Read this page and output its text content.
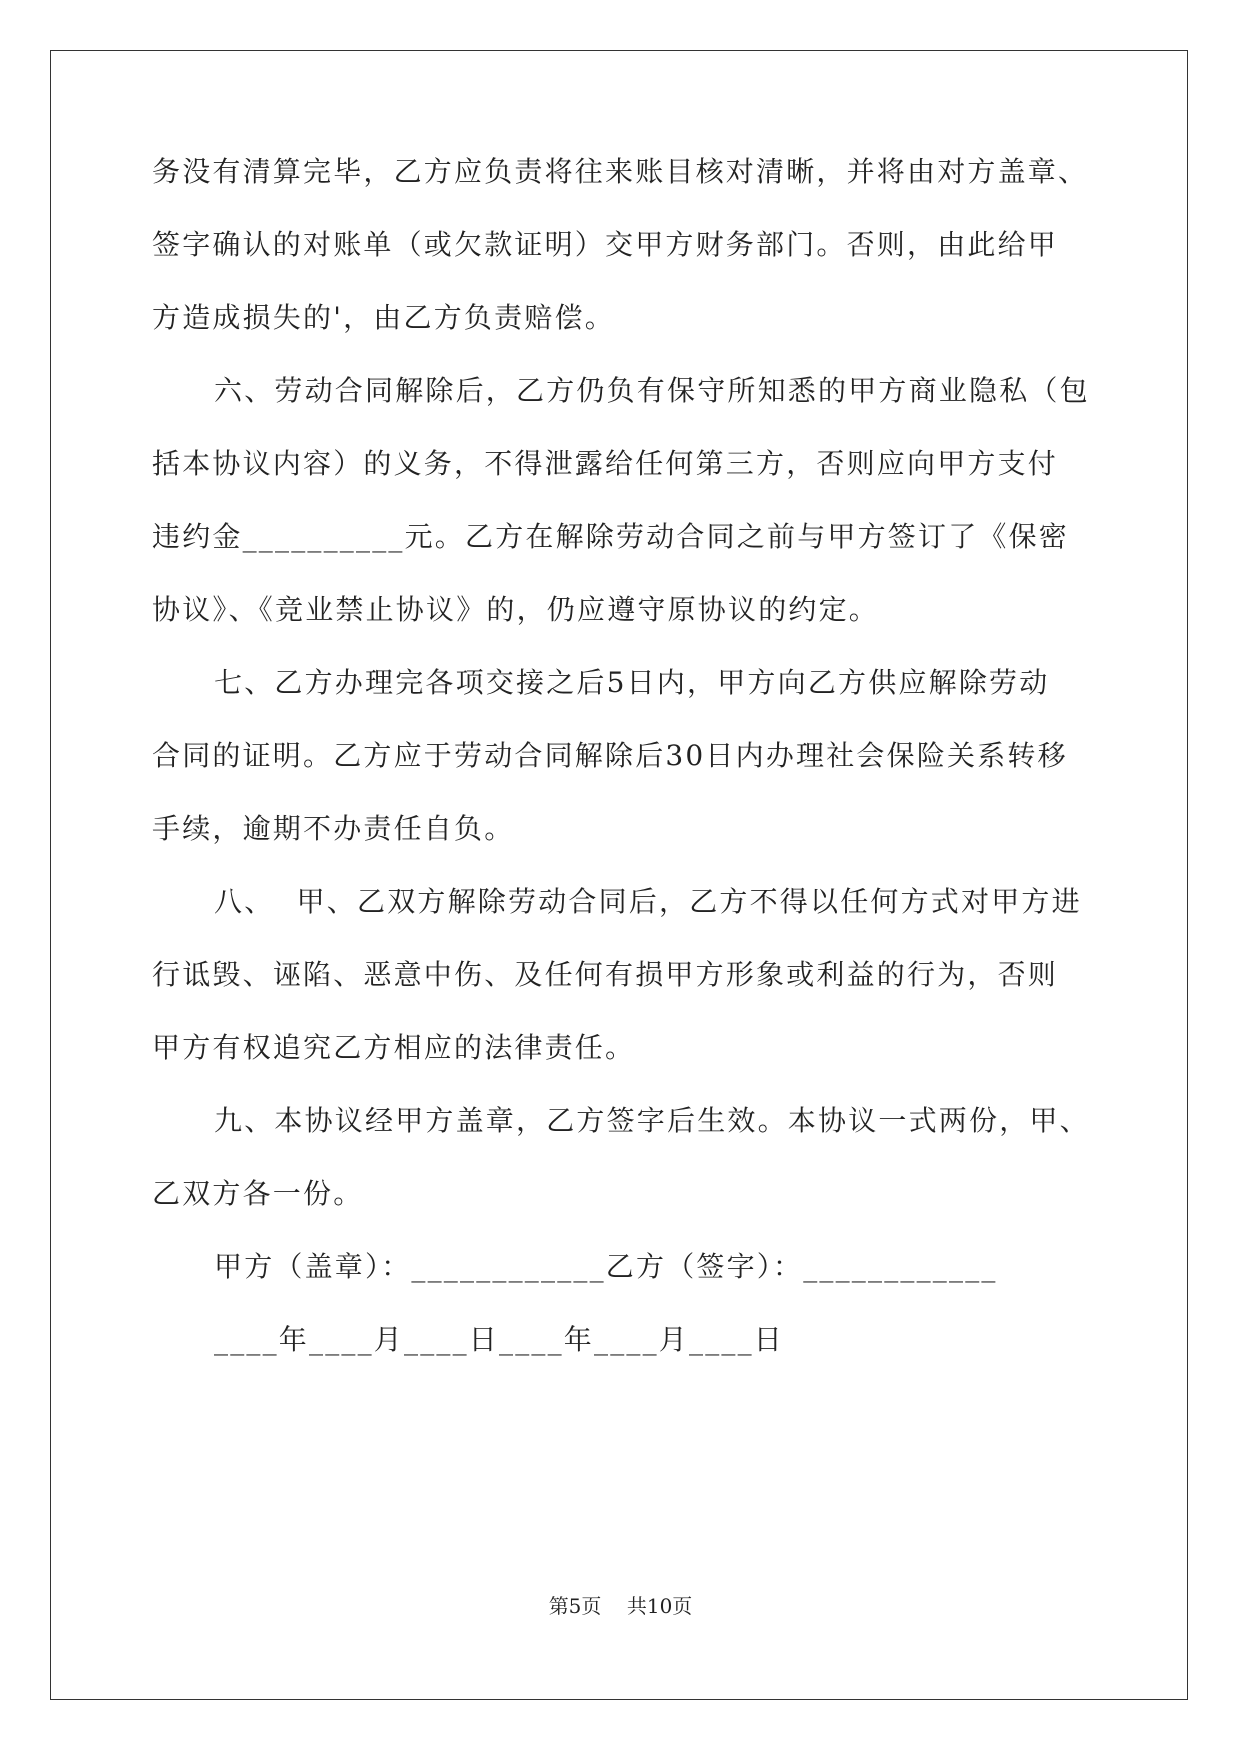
务没有清算完毕，乙方应负责将往来账目核对清晰，并将由对方盖章、
签字确认的对账单（或欠款证明）交甲方财务部门。否则，由此给甲
方造成损失的'，由乙方负责赔偿。
六、劳动合同解除后，乙方仍负有保守所知悉的甲方商业隐私（包
括本协议内容）的义务，不得泄露给任何第三方，否则应向甲方支付
违约金__________元。乙方在解除劳动合同之前与甲方签订了《保密
协议》、《竞业禁止协议》的，仍应遵守原协议的约定。
七、乙方办理完各项交接之后5日内，甲方向乙方供应解除劳动
合同的证明。乙方应于劳动合同解除后30日内办理社会保险关系转移
手续，逾期不办责任自负。
八、  甲、乙双方解除劳动合同后，乙方不得以任何方式对甲方进
行诋毁、诬陷、恶意中伤、及任何有损甲方形象或利益的行为，否则
甲方有权追究乙方相应的法律责任。
九、本协议经甲方盖章，乙方签字后生效。本协议一式两份，甲、
乙双方各一份。
甲方（盖章）：____________乙方（签字）：____________
____年____月____日____年____月____日
第5页    共10页
